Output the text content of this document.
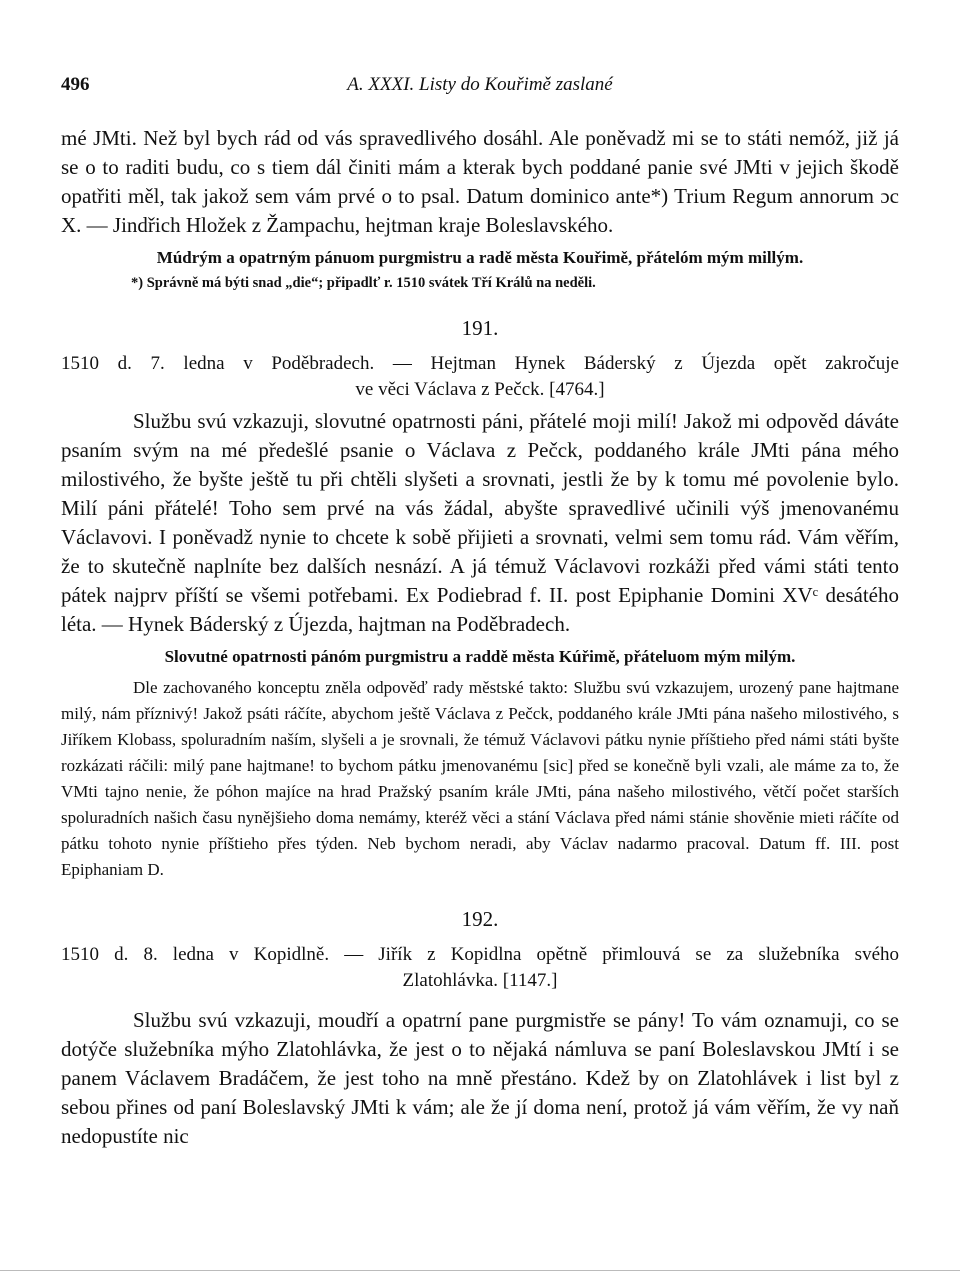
496	A. XXXI. Listy do Kouřimě zaslané

mé JMti. Než byl bych rád od vás spravedlivého dosáhl. Ale poněvadž mi se to státi nemóž, již já se o to raditi budu, co s tiem dál činiti mám a kterak bych poddané panie své JMti v jejich škodě opatřiti měl, tak jakož sem vám prvé o to psal. Datum dominico ante*) Trium Regum annorum ɔc X. — Jindřich Hložek z Žampachu, hejtman kraje Boleslavského.

Múdrým a opatrným pánuom purgmistru a radě města Kouřimě, přátelóm mým millým.

*) Správně má býti snad „die“; připadlť r. 1510 svátek Tří Králů na neděli.

191.

1510 d. 7. ledna v Poděbradech. — Hejtman Hynek Báderský z Újezda opět zakročuje
ve věci Václava z Pečck. [4764.]

Službu svú vzkazuji, slovutné opatrnosti páni, přátelé moji milí! Jakož mi odpověd dáváte psaním svým na mé předešlé psanie o Václava z Pečck, poddaného krále JMti pána mého milostivého, že byšte ještě tu při chtěli slyšeti a srovnati, jestli že by k tomu mé povolenie bylo. Milí páni přátelé! Toho sem prvé na vás žádal, abyšte spravedlivé učinili výš jmenovanému Václavovi. I poněvadž nynie to chcete k sobě přijieti a srovnati, velmi sem tomu rád. Vám věřím, že to skutečně naplníte bez dalších nesnází. A já témuž Václavovi rozkáži před vámi státi tento pátek najprv příští se všemi potřebami. Ex Podiebrad f. II. post Epiphanie Domini XVᶜ desátého léta. — Hynek Báderský z Újezda, hajtman na Poděbradech.

Slovutné opatrnosti pánóm purgmistru a raddě města Kúřimě, přáteluom mým milým.

Dle zachovaného konceptu zněla odpověď rady městské takto: Službu svú vzkazujem, urozený pane hajtmane milý, nám příznivý! Jakož psáti ráčíte, abychom ještě Václava z Pečck, poddaného krále JMti pána našeho milostivého, s Jiříkem Klobass, spoluradním naším, slyšeli a je srovnali, že témuž Václavovi pátku nynie příštieho před námi státi byšte rozkázati ráčili: milý pane hajtmane! to bychom pátku jmenovanému [sic] před se konečně byli vzali, ale máme za to, že VMti tajno nenie, že póhon majíce na hrad Pražský psaním krále JMti, pána našeho milostivého, větčí počet starších spoluradních našich času nynějšieho doma nemámy, kteréž věci a stání Václava před námi stánie shověnie mieti ráčíte od pátku tohoto nynie příštieho přes týden. Neb bychom neradi, aby Václav nadarmo pracoval. Datum ff. III. post Epiphaniam D.

192.

1510 d. 8. ledna v Kopidlně. — Jiřík z Kopidlna opětně přimlouvá se za služebníka svého
Zlatohlávka. [1147.]

Službu svú vzkazuji, moudří a opatrní pane purgmistře se pány! To vám oznamuji, co se dotýče služebníka mýho Zlatohlávka, že jest o to nějaká námluva se paní Boleslavskou JMtí i se panem Václavem Bradáčem, že jest toho na mně přestáno. Kdež by on Zlatohlávek i list byl z sebou přines od paní Boleslavský JMti k vám; ale že jí doma není, protož já vám věřím, že vy naň nedopustíte nic
